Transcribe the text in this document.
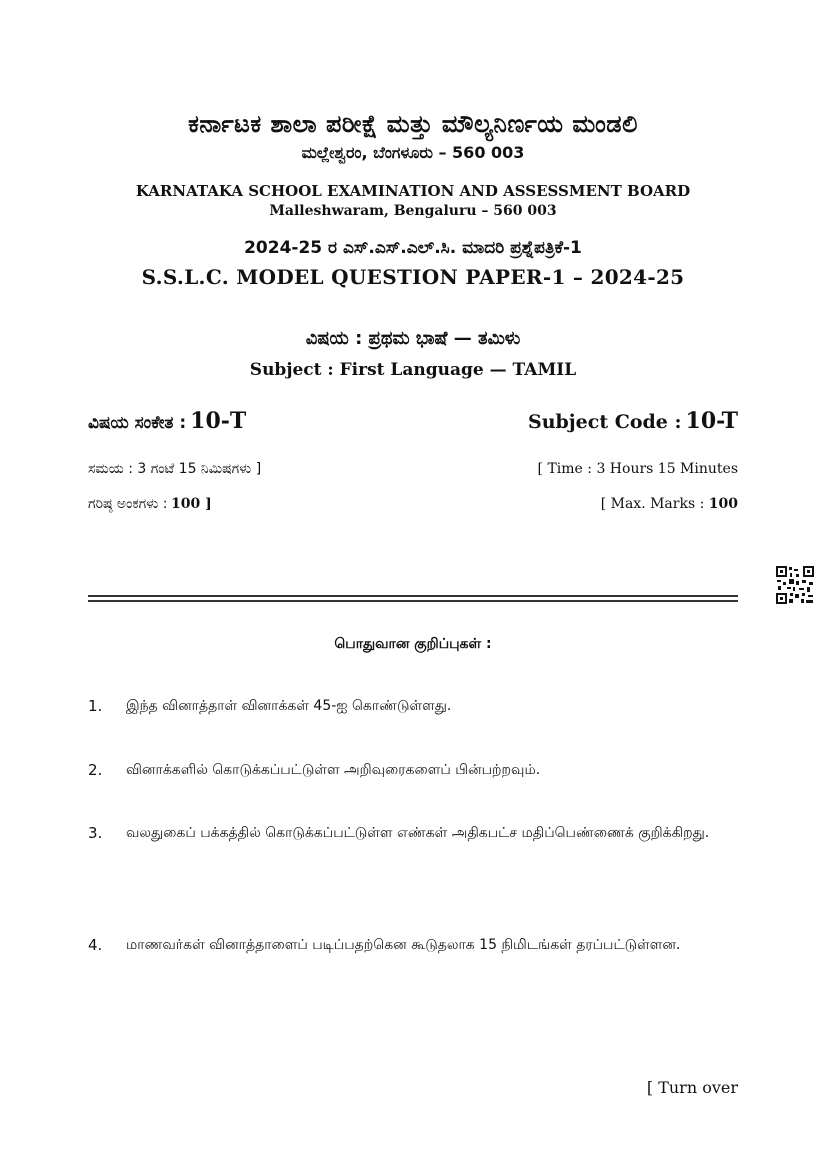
ಕರ್ನಾಟಕ ಶಾಲಾ ಪರೀಕ್ಷೆ ಮತ್ತು ಮೌಲ್ಯನಿರ್ಣಯ ಮಂಡಲಿ
ಮಲ್ಲೇಶ್ವರಂ, ಬೆಂಗಳೂರು – 560 003
KARNATAKA SCHOOL EXAMINATION AND ASSESSMENT BOARD
Malleshwaram, Bengaluru – 560 003
2024-25 ರ ಎಸ್.ಎಸ್.ಎಲ್.ಸಿ. ಮಾದರಿ ಪ್ರಶ್ನೆಪತ್ರಿಕೆ-1
S.S.L.C. MODEL QUESTION PAPER-1 – 2024-25
ವಿಷಯ : ಪ್ರಥಮ ಭಾಷೆ — ತಮಿಳು
Subject : First Language — TAMIL
ವಿಷಯ ಸಂಕೇತ : 10-T	Subject Code : 10-T
ಸಮಯ : 3 ಗಂಟೆ 15 ನಿಮಿಷಗಳು ]	[ Time : 3 Hours 15 Minutes
ಗರಿಷ್ಠ ಅಂಕಗಳು : 100 ]	[ Max. Marks : 100
பொதுவான குறிப்புகள் :
1. இந்த வினாத்தாள் வினாக்கள் 45-ஐ கொண்டுள்ளது.
2. வினாக்களில் கொடுக்கப்பட்டுள்ள அறிவுரைகளைப் பின்பற்றவும்.
3. வலதுகைப் பக்கத்தில் கொடுக்கப்பட்டுள்ள எண்கள் அதிகபட்ச மதிப்பெண்ணைக் குறிக்கிறது.
4. மாணவர்கள் வினாத்தாளைப் படிப்பதற்கென கூடுதலாக 15 நிமிடங்கள் தரப்பட்டுள்ளன.
[ Turn over
